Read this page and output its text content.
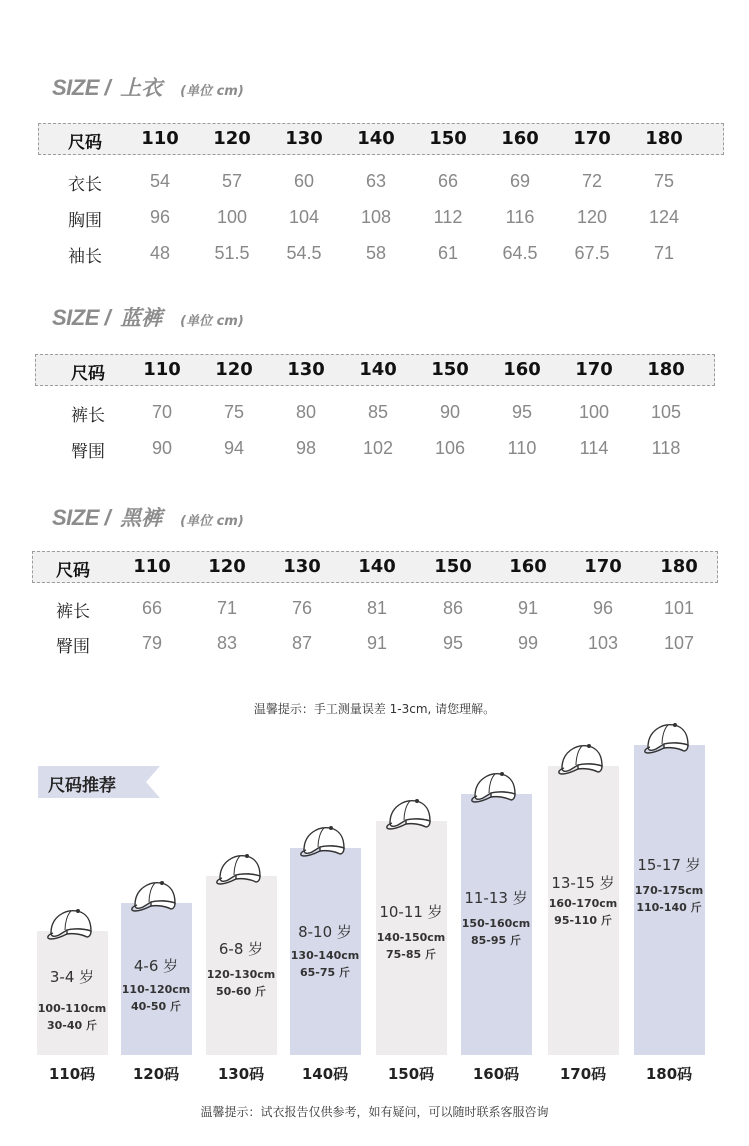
SIZE / 上衣 (单位 cm)
尺码 110 120 130 140 150 160 170 180
衣长	54	57	60	63	66	69	72	75
胸围	96	100 104 108 112 116 120 124
袖长	48 51.5 54.5 58	61 64.5 67.5 71
SIZE / 蓝裤 (单位 cm)
尺码 110 120 130 140 150 160 170 180
裤长	70	75	80	85	90	95	100 105
臀围	90	94	98	102 106 110 114 118
SIZE / 黑裤 (单位 cm)
尺码 110 120 130 140 150 160 170 180
裤长	66	71	76	81	86	91	96	101
臀围	79	83	87	91	95	99	103	107
温馨提示：手工测量误差 1-3cm, 请您理解。
尺码推荐
3-4 岁
100-110cm
30-40 斤
110码
4-6 岁
110-120cm
40-50 斤
120码
6-8 岁
120-130cm
50-60 斤
130码
8-10 岁
130-140cm
65-75 斤
140码
10-11 岁
140-150cm
75-85 斤
150码
11-13 岁
150-160cm
85-95 斤
160码
13-15 岁
160-170cm
95-110 斤
170码
15-17 岁
170-175cm
110-140 斤
180码
温馨提示：试衣报告仅供参考，如有疑问，可以随时联系客服咨询
